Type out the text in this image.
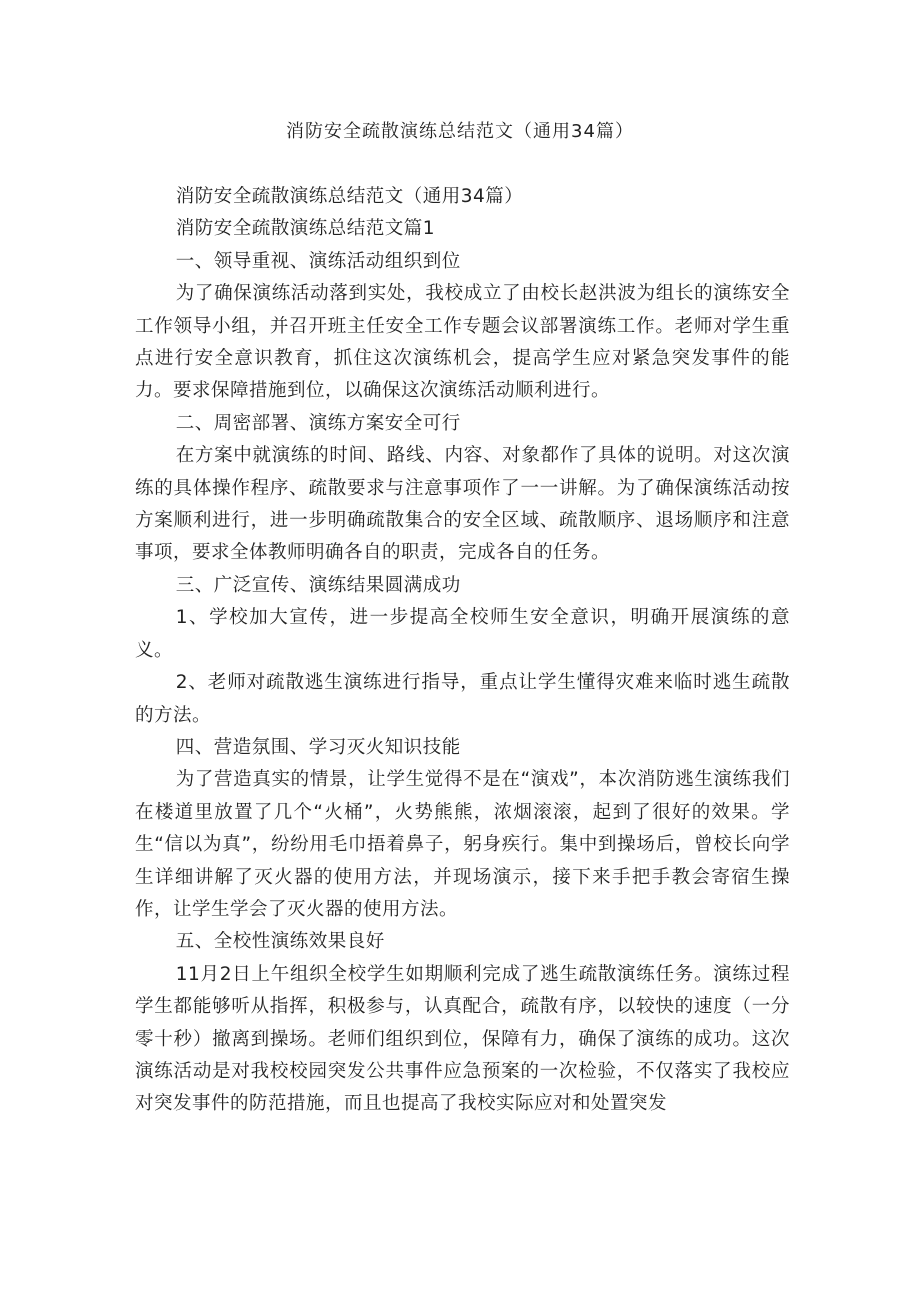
消防安全疏散演练总结范文（通用34篇）

消防安全疏散演练总结范文（通用34篇）

消防安全疏散演练总结范文篇1

一、领导重视、演练活动组织到位

为了确保演练活动落到实处，我校成立了由校长赵洪波为组长的演练安全工作领导小组，并召开班主任安全工作专题会议部署演练工作。老师对学生重点进行安全意识教育，抓住这次演练机会，提高学生应对紧急突发事件的能力。要求保障措施到位，以确保这次演练活动顺利进行。

二、周密部署、演练方案安全可行

在方案中就演练的时间、路线、内容、对象都作了具体的说明。对这次演练的具体操作程序、疏散要求与注意事项作了一一讲解。为了确保演练活动按方案顺利进行，进一步明确疏散集合的安全区域、疏散顺序、退场顺序和注意事项，要求全体教师明确各自的职责，完成各自的任务。

三、广泛宣传、演练结果圆满成功

1、学校加大宣传，进一步提高全校师生安全意识，明确开展演练的意义。

2、老师对疏散逃生演练进行指导，重点让学生懂得灾难来临时逃生疏散的方法。

四、营造氛围、学习灭火知识技能

为了营造真实的情景，让学生觉得不是在“演戏”，本次消防逃生演练我们在楼道里放置了几个“火桶”，火势熊熊，浓烟滚滚，起到了很好的效果。学生“信以为真”，纷纷用毛巾捂着鼻子，躬身疾行。集中到操场后，曾校长向学生详细讲解了灭火器的使用方法，并现场演示，接下来手把手教会寄宿生操作，让学生学会了灭火器的使用方法。

五、全校性演练效果良好

11月2日上午组织全校学生如期顺利完成了逃生疏散演练任务。演练过程学生都能够听从指挥，积极参与，认真配合，疏散有序，以较快的速度（一分零十秒）撤离到操场。老师们组织到位，保障有力，确保了演练的成功。这次演练活动是对我校校园突发公共事件应急预案的一次检验，不仅落实了我校应对突发事件的防范措施，而且也提高了我校实际应对和处置突发
